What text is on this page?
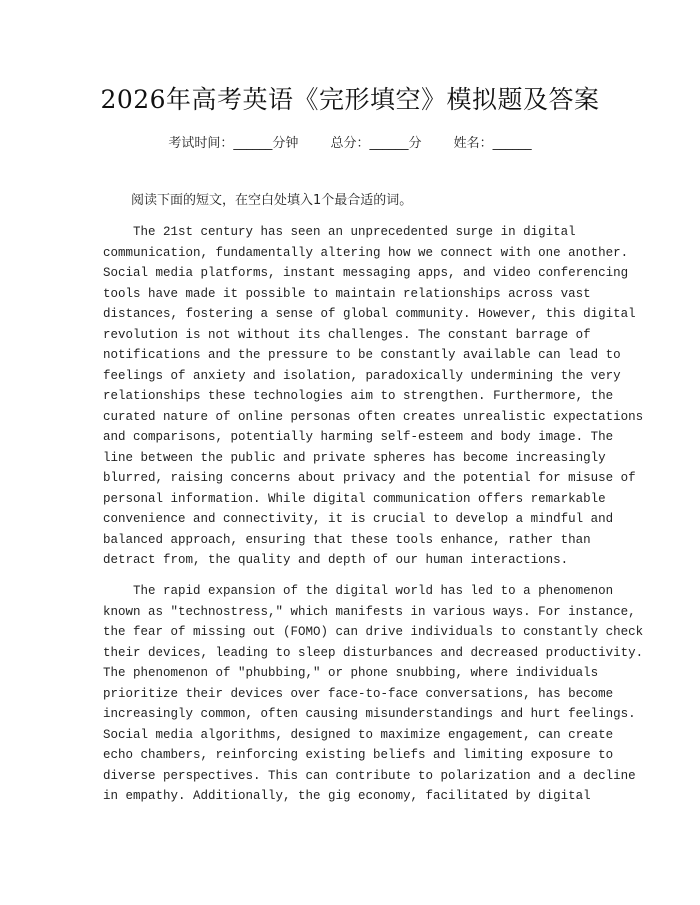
2026年高考英语《完形填空》模拟题及答案
考试时间：______分钟 总分：______分 姓名：______
阅读下面的短文，在空白处填入1个最合适的词。
The 21st century has seen an unprecedented surge in digital
communication, fundamentally altering how we connect with one another.
Social media platforms, instant messaging apps, and video conferencing
tools have made it possible to maintain relationships across vast
distances, fostering a sense of global community. However, this digital
revolution is not without its challenges. The constant barrage of
notifications and the pressure to be constantly available can lead to
feelings of anxiety and isolation, paradoxically undermining the very
relationships these technologies aim to strengthen. Furthermore, the
curated nature of online personas often creates unrealistic expectations
and comparisons, potentially harming self-esteem and body image. The
line between the public and private spheres has become increasingly
blurred, raising concerns about privacy and the potential for misuse of
personal information. While digital communication offers remarkable
convenience and connectivity, it is crucial to develop a mindful and
balanced approach, ensuring that these tools enhance, rather than
detract from, the quality and depth of our human interactions.
The rapid expansion of the digital world has led to a phenomenon
known as "technostress," which manifests in various ways. For instance,
the fear of missing out (FOMO) can drive individuals to constantly check
their devices, leading to sleep disturbances and decreased productivity.
The phenomenon of "phubbing," or phone snubbing, where individuals
prioritize their devices over face-to-face conversations, has become
increasingly common, often causing misunderstandings and hurt feelings.
Social media algorithms, designed to maximize engagement, can create
echo chambers, reinforcing existing beliefs and limiting exposure to
diverse perspectives. This can contribute to polarization and a decline
in empathy. Additionally, the gig economy, facilitated by digital
